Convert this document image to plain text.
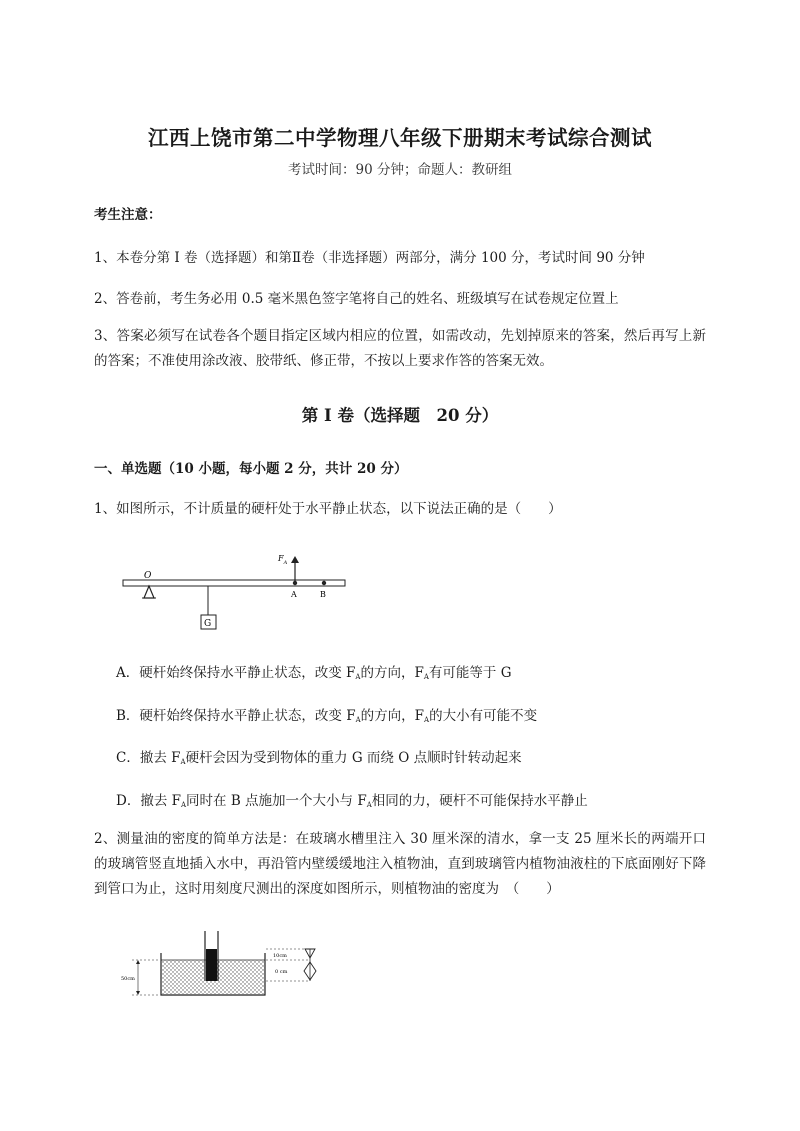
江西上饶市第二中学物理八年级下册期末考试综合测试
考试时间：90 分钟；命题人：教研组
考生注意：
1、本卷分第 I 卷（选择题）和第Ⅱ卷（非选择题）两部分，满分 100 分，考试时间 90 分钟
2、答卷前，考生务必用 0.5 毫米黑色签字笔将自己的姓名、班级填写在试卷规定位置上
3、答案必须写在试卷各个题目指定区域内相应的位置，如需改动，先划掉原来的答案，然后再写上新的答案；不准使用涂改液、胶带纸、修正带，不按以上要求作答的答案无效。
第 I 卷（选择题　20 分）
一、单选题（10 小题，每小题 2 分，共计 20 分）
1、如图所示，不计质量的硬杆处于水平静止状态，以下说法正确的是（　　）
O
G
$F_A$
A	B
A．硬杆始终保持水平静止状态，改变 $F_A$的方向，$F_A$有可能等于 G
B．硬杆始终保持水平静止状态，改变 $F_A$的方向，$F_A$的大小有可能不变
C．撤去 $F_A$硬杆会因为受到物体的重力 G 而绕 O 点顺时针转动起来
D．撤去 $F_A$同时在 B 点施加一个大小与 $F_A$相同的力，硬杆不可能保持水平静止
2、测量油的密度的简单方法是：在玻璃水槽里注入 30 厘米深的清水，拿一支 25 厘米长的两端开口的玻璃管竖直地插入水中，再沿管内壁缓缓地注入植物油，直到玻璃管内植物油液柱的下底面刚好下降到管口为止，这时用刻度尺测出的深度如图所示，则植物油的密度为　（　　）
50cm
10cm
0 cm
